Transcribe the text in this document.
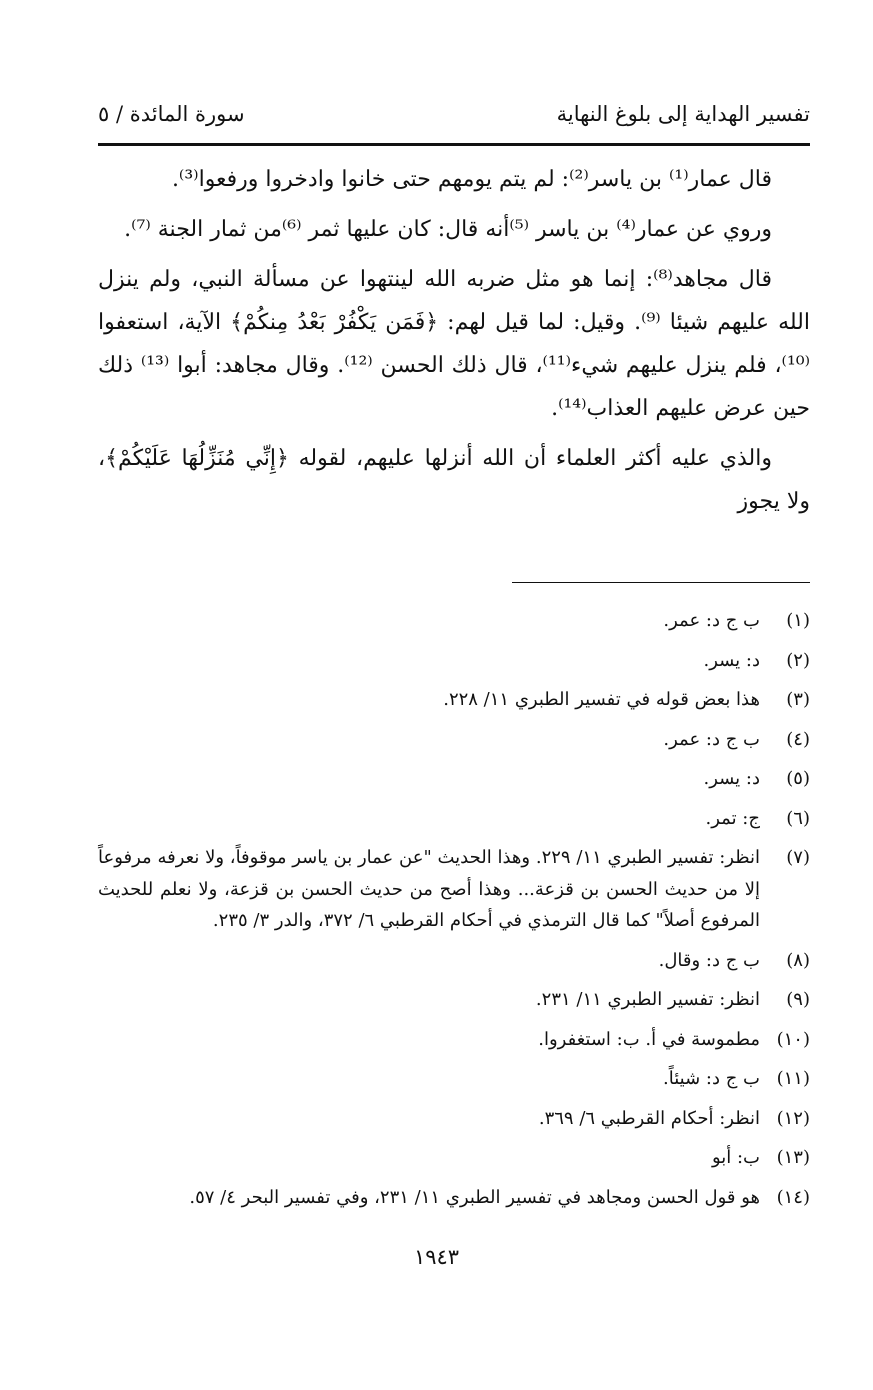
تفسير الهداية إلى بلوغ النهاية
سورة المائدة / ٥

قال عمار⁽¹⁾ بن ياسر⁽²⁾: لم يتم يومهم حتى خانوا وادخروا ورفعوا⁽³⁾.

وروي عن عمار⁽⁴⁾ بن ياسر ⁽⁵⁾أنه قال: كان عليها ثمر ⁽⁶⁾من ثمار الجنة ⁽⁷⁾.

قال مجاهد⁽⁸⁾: إنما هو مثل ضربه الله لينتهوا عن مسألة النبي، ولم ينزل الله عليهم شيئا ⁽⁹⁾. وقيل: لما قيل لهم: ﴿فَمَن يَكْفُرْ بَعْدُ مِنكُمْ﴾ الآية، استعفوا ⁽¹⁰⁾، فلم ينزل عليهم شيء⁽¹¹⁾، قال ذلك الحسن ⁽¹²⁾. وقال مجاهد: أبوا ⁽¹³⁾ ذلك حين عرض عليهم العذاب⁽¹⁴⁾.

والذي عليه أكثر العلماء أن الله أنزلها عليهم، لقوله ﴿إِنِّي مُنَزِّلُهَا عَلَيْكُمْ﴾، ولا يجوز

(١)
ب ج د: عمر.
(٢)
د: يسر.
(٣)
هذا بعض قوله في تفسير الطبري ١١/ ٢٢٨.
(٤)
ب ج د: عمر.
(٥)
د: يسر.
(٦)
ج: تمر.
(٧)
انظر: تفسير الطبري ١١/ ٢٢٩. وهذا الحديث "عن عمار بن ياسر موقوفاً، ولا نعرفه مرفوعاً إلا من حديث الحسن بن قزعة... وهذا أصح من حديث الحسن بن قزعة، ولا نعلم للحديث المرفوع أصلاً" كما قال الترمذي في أحكام القرطبي ٦/ ٣٧٢، والدر ٣/ ٢٣٥.
(٨)
ب ج د: وقال.
(٩)
انظر: تفسير الطبري ١١/ ٢٣١.
(١٠)
مطموسة في أ. ب: استغفروا.
(١١)
ب ج د: شيئاً.
(١٢)
انظر: أحكام القرطبي ٦/ ٣٦٩.
(١٣)
ب: أبو
(١٤)
هو قول الحسن ومجاهد في تفسير الطبري ١١/ ٢٣١، وفي تفسير البحر ٤/ ٥٧.
١٩٤٣
